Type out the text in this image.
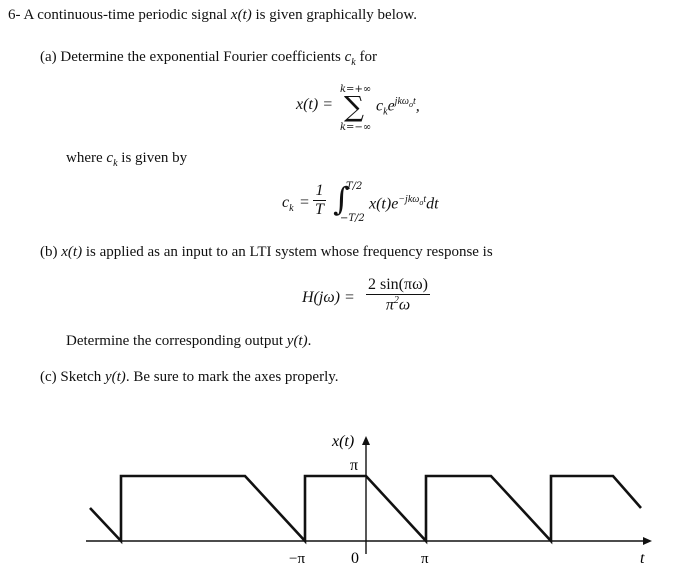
6- A continuous-time periodic signal x(t) is given graphically below.
(a) Determine the exponential Fourier coefficients $c_k$ for
x(t) =
k=+∞
∑
k=−∞
$c_ke^{jk\omega_ot}$,
where $c_k$ is given by
$c_k = \frac{1}{T}$ ∫
T/2
−T/2
$x(t)e^{-jk\omega_ot}dt$
(b) x(t) is applied as an input to an LTI system whose frequency response is
$H(j\omega) = \frac{2 \sin(\pi\omega)}{\pi^2\omega}$
Determine the corresponding output y(t).
(c) Sketch y(t). Be sure to mark the axes properly.
x(t)
π
−π	0	π	t
